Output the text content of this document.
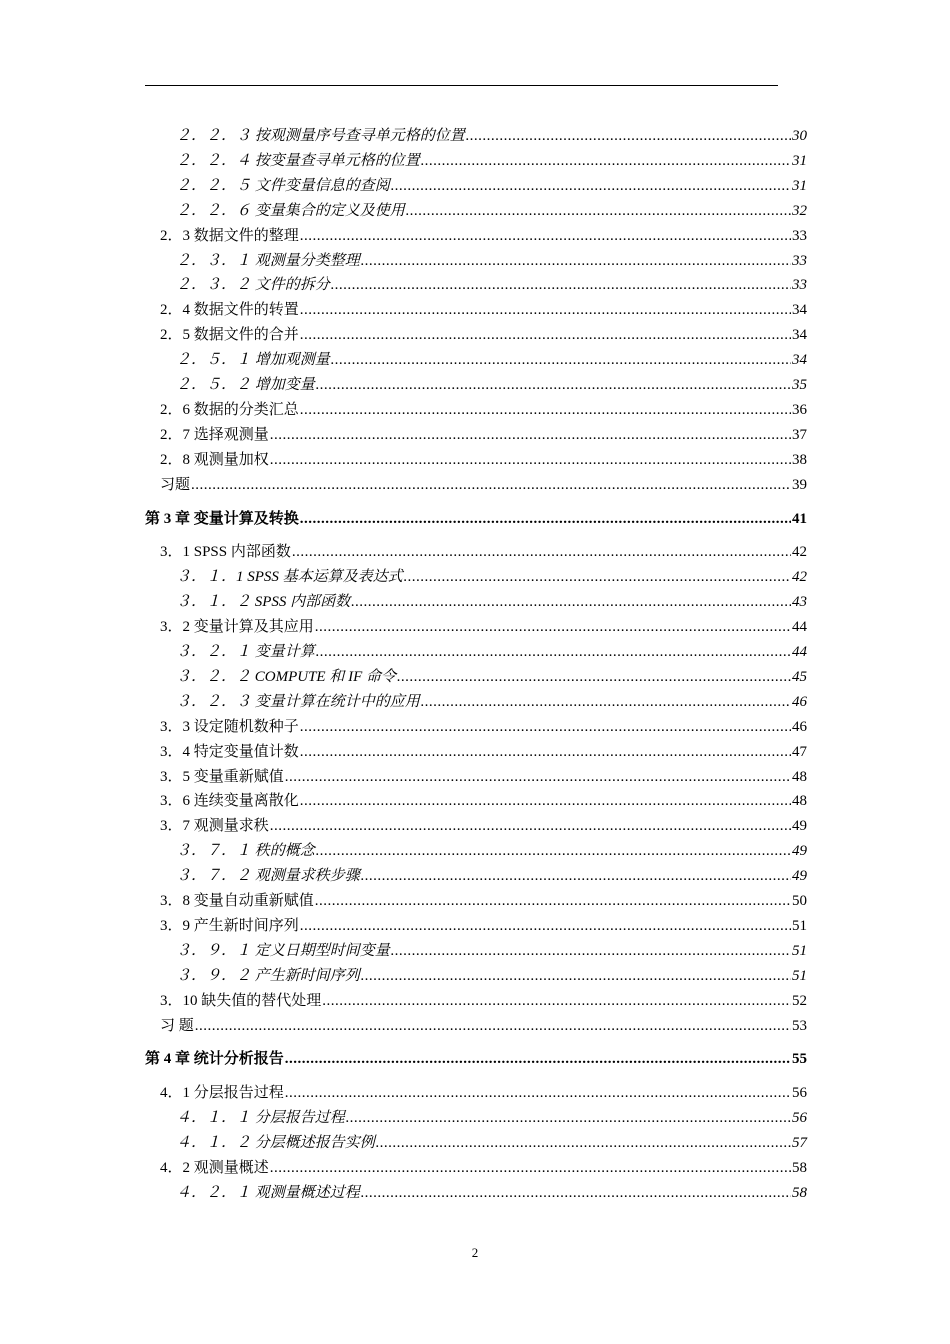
.
２．２．３ 按观测量序号查寻单元格的位置 .....	30
２．２．４ 按变量查寻单元格的位置 .....	31
２．２．５ 文件变量信息的查阅 .....	31
２．２．６ 变量集合的定义及使用 .....	32
2．3 数据文件的整理 .....	33
２．３．１ 观测量分类整理 .....	33
２．３．２ 文件的拆分 .....	33
2．4 数据文件的转置 .....	34
2．5 数据文件的合并 .....	34
２．５．１ 增加观测量 .....	34
２．５．２ 增加变量 .....	35
2．6 数据的分类汇总 .....	36
2．7 选择观测量 .....	37
2．8 观测量加权 .....	38
习题 .....	39
第 3 章 变量计算及转换 .....	41
3．1 SPSS 内部函数 .....	42
３．１．1 SPSS 基本运算及表达式 .....	42
３．１．２ SPSS 内部函数 .....	43
3．2 变量计算及其应用 .....	44
３．２．１ 变量计算 .....	44
３．２．２ COMPUTE 和 IF 命令 .....	45
３．２．３ 变量计算在统计中的应用 .....	46
3．3 设定随机数种子 .....	46
3．4 特定变量值计数 .....	47
3．5 变量重新赋值 .....	48
3．6 连续变量离散化 .....	48
3．7 观测量求秩 .....	49
３．７．１ 秩的概念 .....	49
３．７．２ 观测量求秩步骤 .....	49
3．8 变量自动重新赋值 .....	50
3．9 产生新时间序列 .....	51
３．９．１ 定义日期型时间变量 .....	51
３．９．２ 产生新时间序列 .....	51
3．10 缺失值的替代处理 .....	52
习 题 .....	53
第 4 章 统计分析报告 .....	55
4．1 分层报告过程 .....	56
４．１．１ 分层报告过程 .....	56
４．１．２ 分层概述报告实例 .....	57
4．2 观测量概述 .....	58
４．２．１ 观测量概述过程 .....	58
2
